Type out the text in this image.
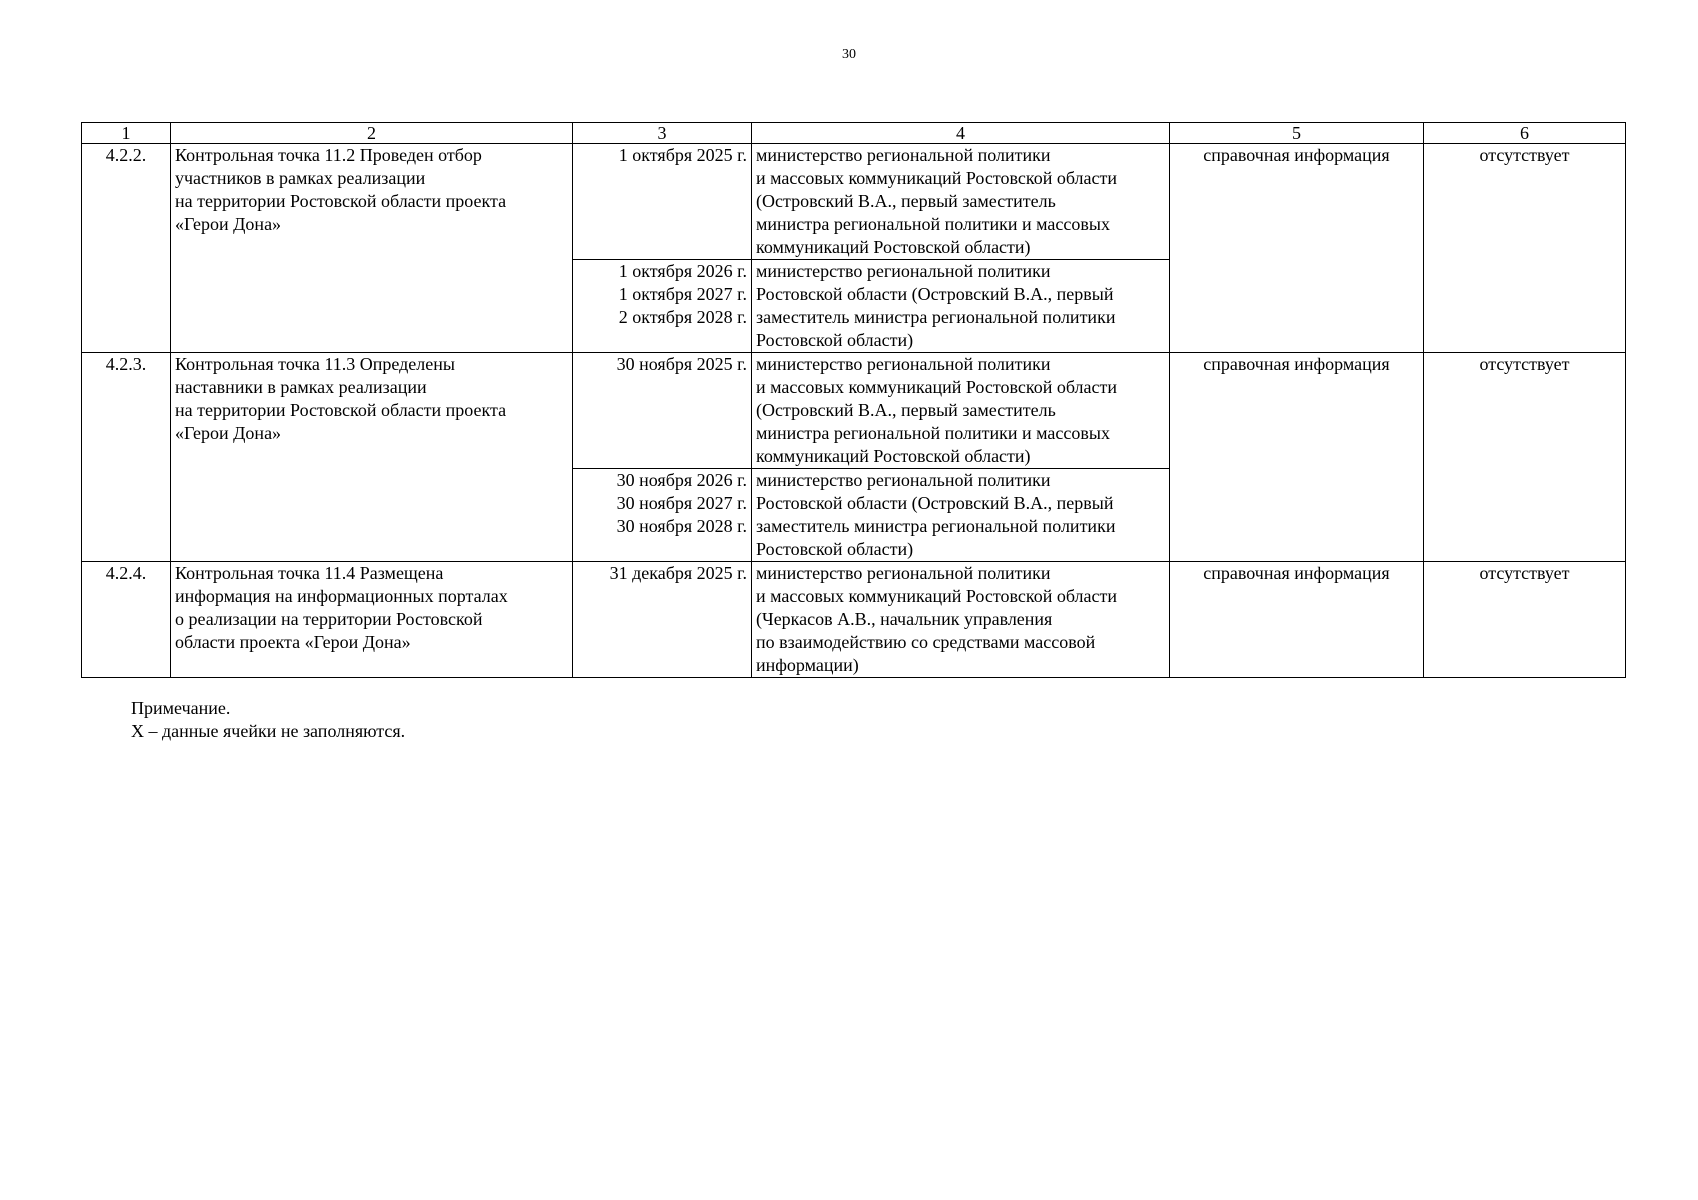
30
1	2	3	4	5	6
4.2.2.	Контрольная точка 11.2 Проведен отбор
участников в рамках реализации
на территории Ростовской области проекта
«Герои Дона»	1 октября 2025 г.	министерство региональной политики
и массовых коммуникаций Ростовской области
(Островский В.А., первый заместитель
министра региональной политики и массовых
коммуникаций Ростовской области)	справочная информация	отсутствует

		1 октября 2026 г.
1 октября 2027 г.
2 октября 2028 г.	министерство региональной политики
Ростовской области (Островский В.А., первый
заместитель министра региональной политики
Ростовской области)		

4.2.3.	Контрольная точка 11.3 Определены
наставники в рамках реализации
на территории Ростовской области проекта
«Герои Дона»	30 ноября 2025 г.	министерство региональной политики
и массовых коммуникаций Ростовской области
(Островский В.А., первый заместитель
министра региональной политики и массовых
коммуникаций Ростовской области)	справочная информация	отсутствует

		30 ноября 2026 г.
30 ноября 2027 г.
30 ноября 2028 г.	министерство региональной политики
Ростовской области (Островский В.А., первый
заместитель министра региональной политики
Ростовской области)		

4.2.4.	Контрольная точка 11.4 Размещена
информация на информационных порталах
о реализации на территории Ростовской
области проекта «Герои Дона»	31 декабря 2025 г.	министерство региональной политики
и массовых коммуникаций Ростовской области
(Черкасов А.В., начальник управления
по взаимодействию со средствами массовой
информации)	справочная информация	отсутствует
Примечание.
Х – данные ячейки не заполняются.
